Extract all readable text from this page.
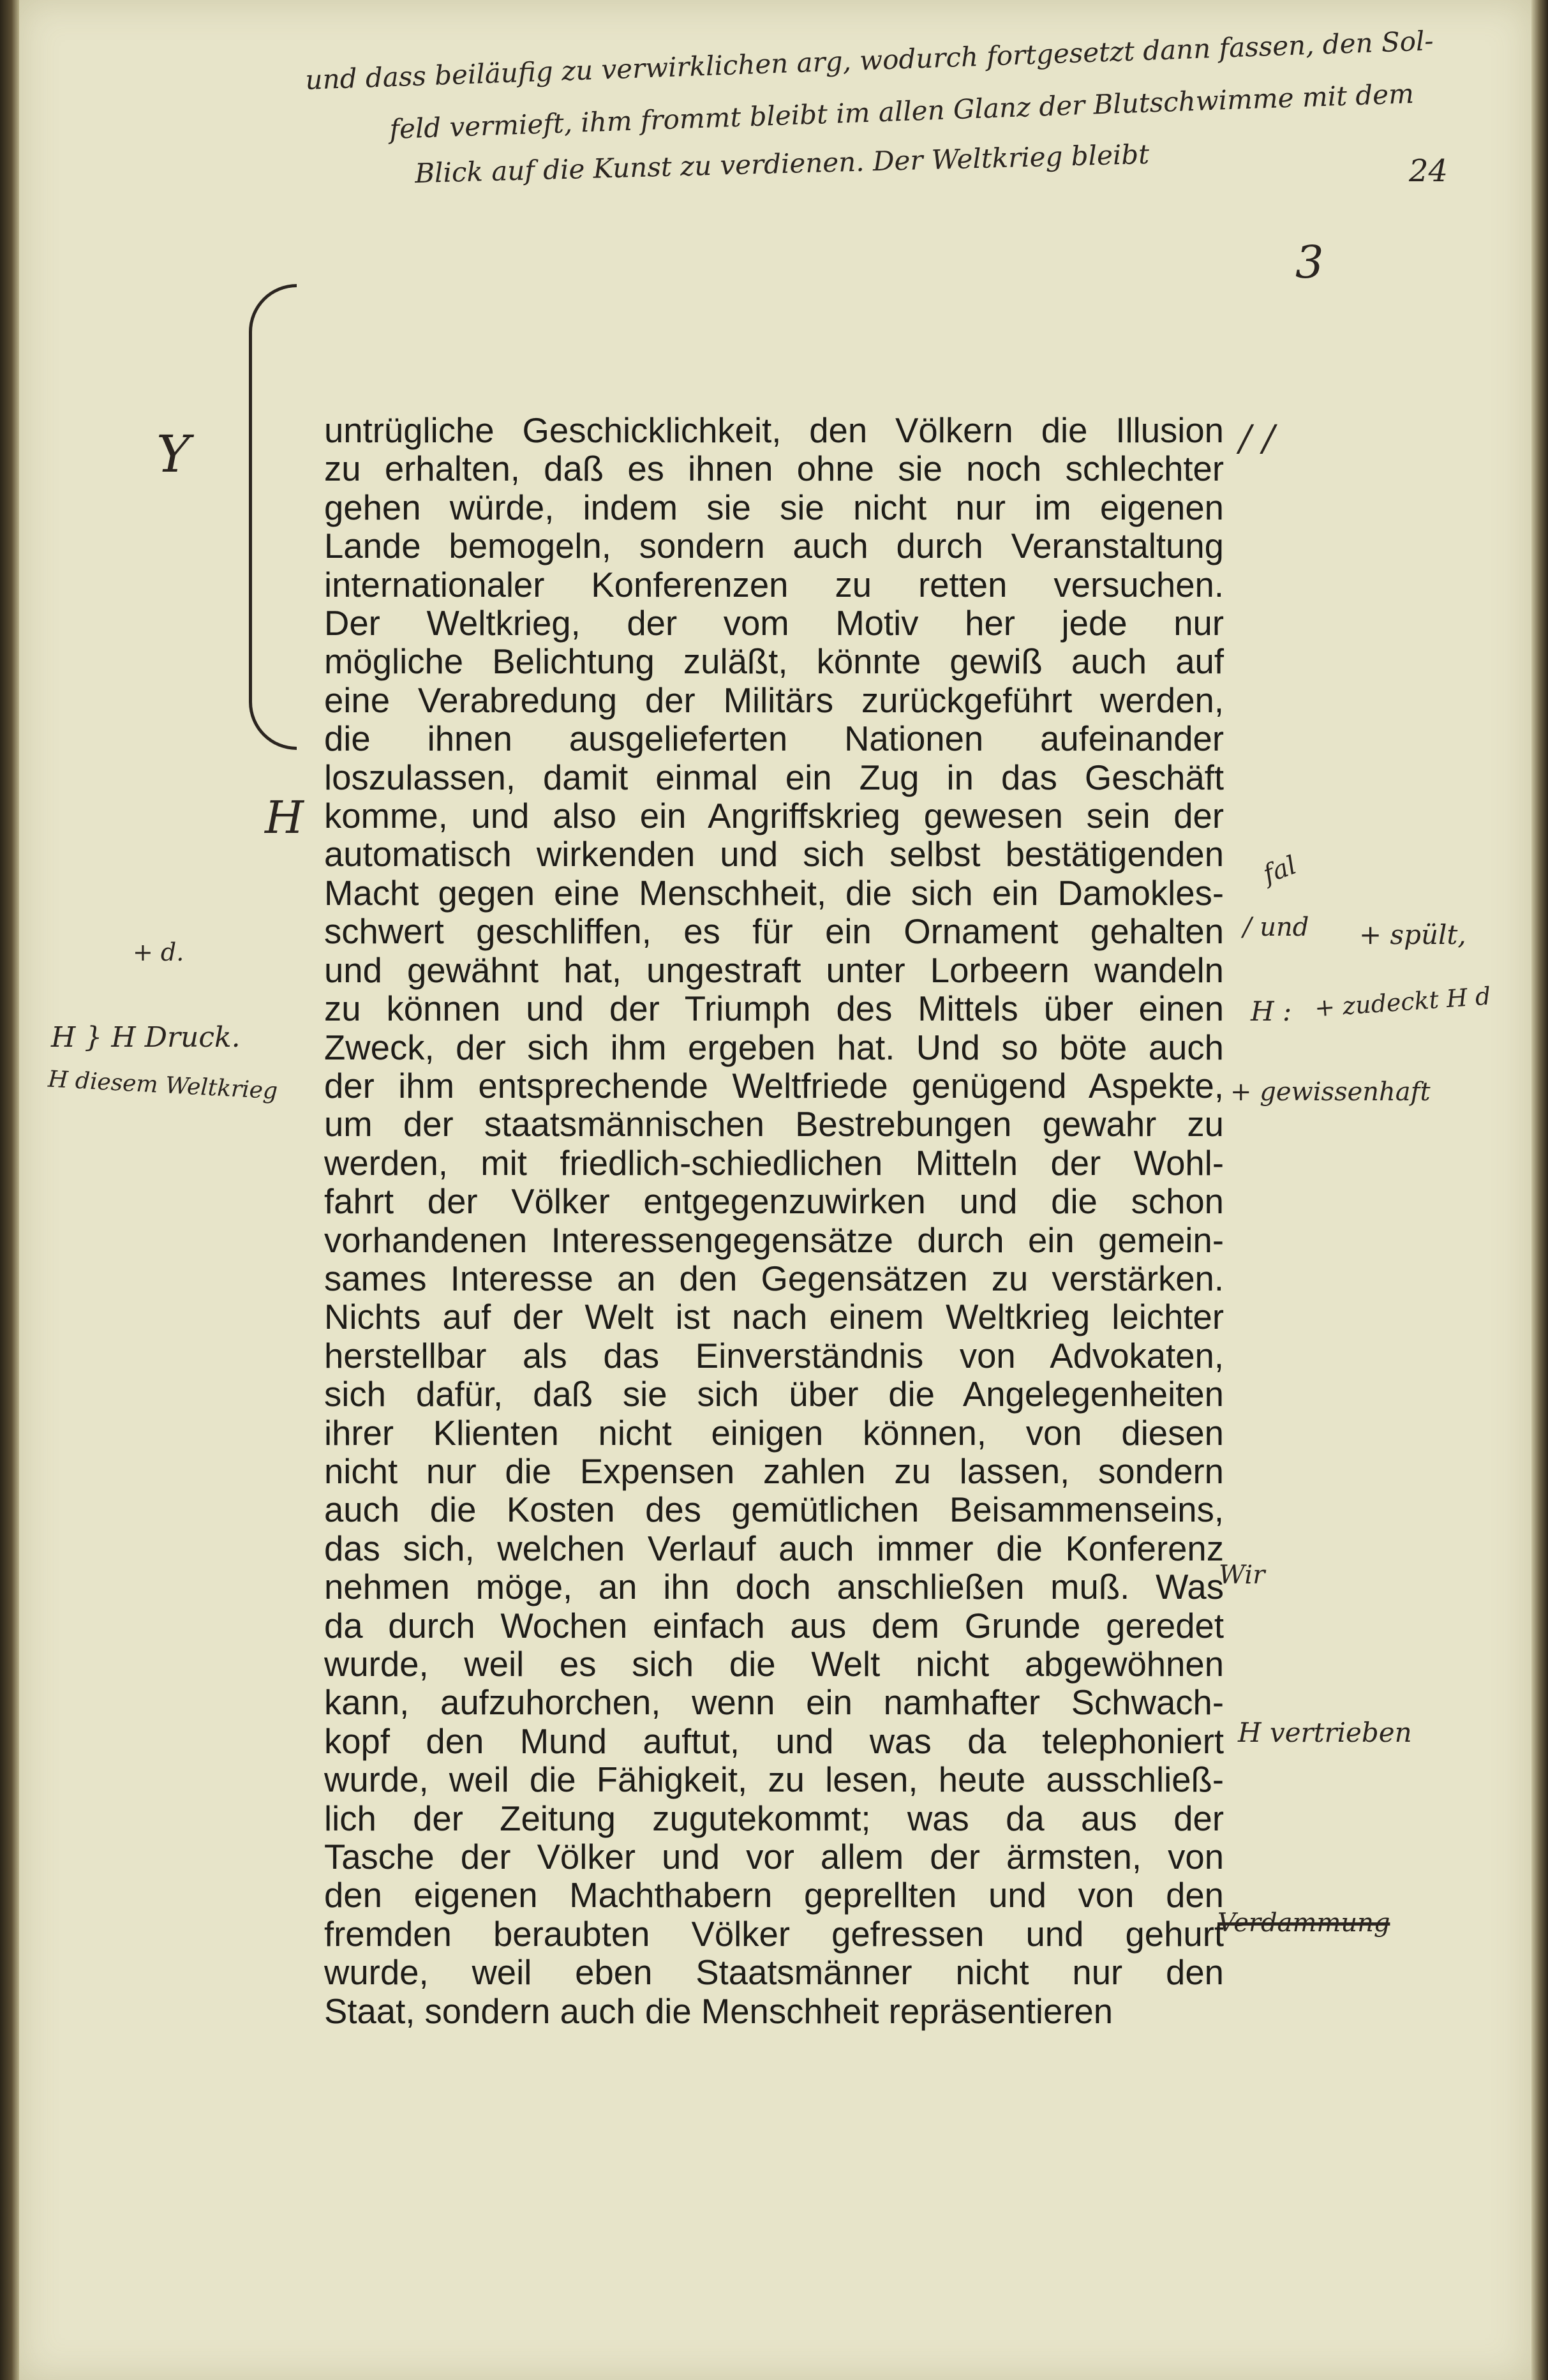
und dass beiläufig zu verwirklichen arg, wodurch fortgesetzt dann fassen, den Sol-
feld vermieft, ihm frommt bleibt im allen Glanz der Blutschwimme mit dem
Blick auf die Kunst zu verdienen. Der Weltkrieg bleibt	24
3
Y
H
+ d.
H } H Druck.
H diesem Weltkrieg
/ /
fal
/ und + spült,
H : + zudeckt H d
+ gewissenhaft
Wir
H vertrieben
Verdammung
untrügliche Geschicklichkeit, den Völkern die Illusion
zu erhalten, daß es ihnen ohne sie noch schlechter
gehen würde, indem sie sie nicht nur im eigenen
Lande bemogeln, sondern auch durch Veranstaltung
internationaler Konferenzen zu retten versuchen.
Der Weltkrieg, der vom Motiv her jede nur
mögliche Belichtung zuläßt, könnte gewiß auch auf
eine Verabredung der Militärs zurückgeführt werden,
die ihnen ausgelieferten Nationen aufeinander
loszulassen, damit einmal ein Zug in das Geschäft
komme, und also ein Angriffskrieg gewesen sein der
automatisch wirkenden und sich selbst bestätigenden
Macht gegen eine Menschheit, die sich ein Damokles-
schwert geschliffen, es für ein Ornament gehalten
und gewähnt hat, ungestraft unter Lorbeern wandeln
zu können und der Triumph des Mittels über einen
Zweck, der sich ihm ergeben hat. Und so böte auch
der ihm entsprechende Weltfriede genügend Aspekte,
um der staatsmännischen Bestrebungen gewahr zu
werden, mit friedlich-schiedlichen Mitteln der Wohl-
fahrt der Völker entgegenzuwirken und die schon
vorhandenen Interessengegensätze durch ein gemein-
sames Interesse an den Gegensätzen zu verstärken.
Nichts auf der Welt ist nach einem Weltkrieg leichter
herstellbar als das Einverständnis von Advokaten,
sich dafür, daß sie sich über die Angelegenheiten
ihrer Klienten nicht einigen können, von diesen
nicht nur die Expensen zahlen zu lassen, sondern
auch die Kosten des gemütlichen Beisammenseins,
das sich, welchen Verlauf auch immer die Konferenz
nehmen möge, an ihn doch anschließen muß. Was
da durch Wochen einfach aus dem Grunde geredet
wurde, weil es sich die Welt nicht abgewöhnen
kann, aufzuhorchen, wenn ein namhafter Schwach-
kopf den Mund auftut, und was da telephoniert
wurde, weil die Fähigkeit, zu lesen, heute ausschließ-
lich der Zeitung zugutekommt; was da aus der
Tasche der Völker und vor allem der ärmsten, von
den eigenen Machthabern geprellten und von den
fremden beraubten Völker gefressen und gehurt
wurde, weil eben Staatsmänner nicht nur den
Staat, sondern auch die Menschheit repräsentieren
